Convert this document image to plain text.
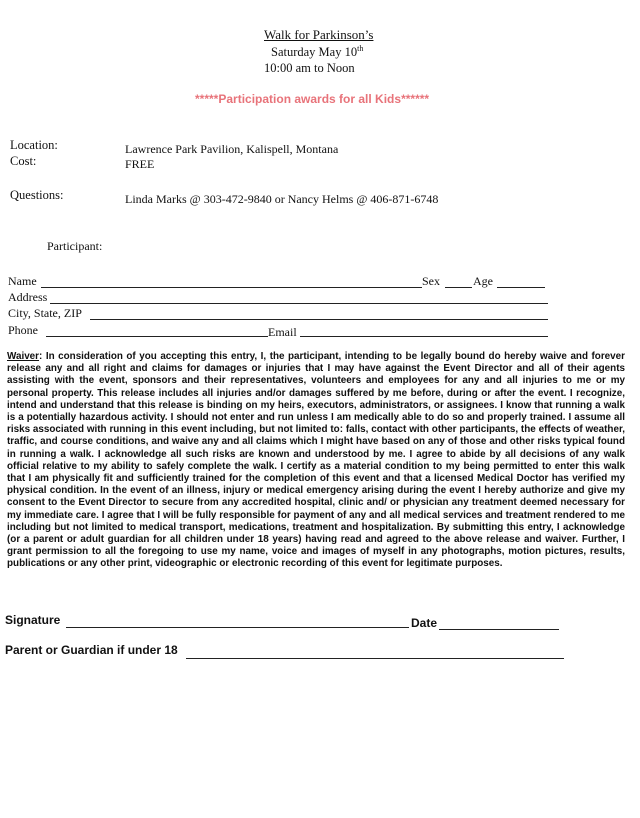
Walk for Parkinson’s
Saturday May 10th
10:00 am to Noon
*****Participation awards for all Kids******
Location:	Lawrence Park Pavilion, Kalispell, Montana
Cost:	FREE
Questions:	Linda Marks @ 303-472-9840 or Nancy Helms @ 406-871-6748
Participant:
Name	Sex	Age
Address
City, State, ZIP
Phone	Email
Waiver: In consideration of you accepting this entry, I, the participant, intending to be legally bound do hereby waive and forever release any and all right and claims for damages or injuries that I may have against the Event Director and all of their agents assisting with the event, sponsors and their representatives, volunteers and employees for any and all injuries to me or my personal property. This release includes all injuries and/or damages suffered by me before, during or after the event. I recognize, intend and understand that this release is binding on my heirs, executors, administrators, or assignees. I know that running a walk is a potentially hazardous activity. I should not enter and run unless I am medically able to do so and properly trained. I assume all risks associated with running in this event including, but not limited to: falls, contact with other participants, the effects of weather, traffic, and course conditions, and waive any and all claims which I might have based on any of those and other risks typical found in running a walk. I acknowledge all such risks are known and understood by me. I agree to abide by all decisions of any walk official relative to my ability to safely complete the walk. I certify as a material condition to my being permitted to enter this walk that I am physically fit and sufficiently trained for the completion of this event and that a licensed Medical Doctor has verified my physical condition. In the event of an illness, injury or medical emergency arising during the event I hereby authorize and give my consent to the Event Director to secure from any accredited hospital, clinic and/ or physician any treatment deemed necessary for my immediate care. I agree that I will be fully responsible for payment of any and all medical services and treatment rendered to me including but not limited to medical transport, medications, treatment and hospitalization. By submitting this entry, I acknowledge (or a parent or adult guardian for all children under 18 years) having read and agreed to the above release and waiver. Further, I grant permission to all the foregoing to use my name, voice and images of myself in any photographs, motion pictures, results, publications or any other print, videographic or electronic recording of this event for legitimate purposes.
Signature	Date
Parent or Guardian if under 18
